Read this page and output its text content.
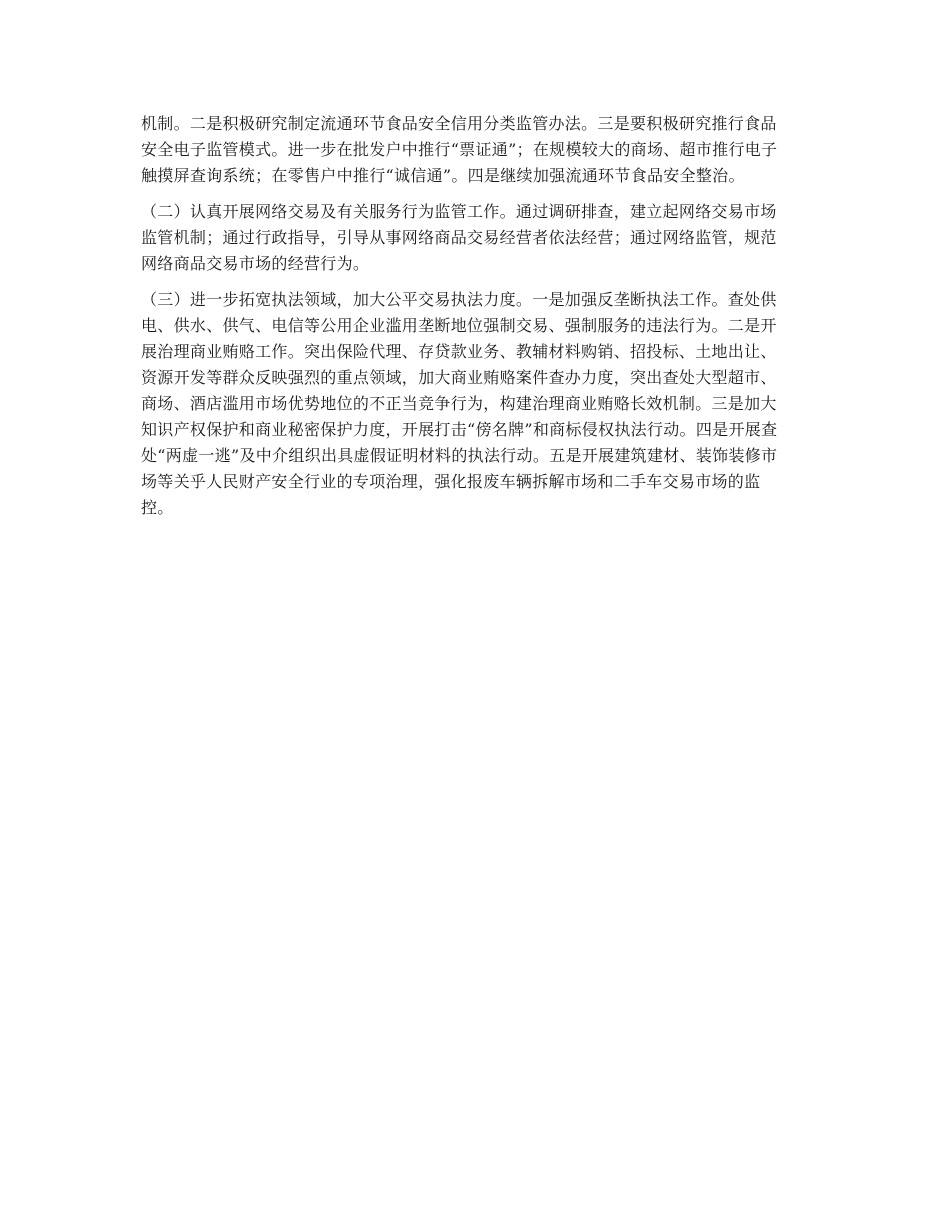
机制。二是积极研究制定流通环节食品安全信用分类监管办法。三是要积极研究推行食品
安全电子监管模式。进一步在批发户中推行“票证通”；在规模较大的商场、超市推行电子
触摸屏查询系统；在零售户中推行“诚信通”。四是继续加强流通环节食品安全整治。
（二）认真开展网络交易及有关服务行为监管工作。通过调研排查，建立起网络交易市场
监管机制；通过行政指导，引导从事网络商品交易经营者依法经营；通过网络监管，规范
网络商品交易市场的经营行为。
（三）进一步拓宽执法领域，加大公平交易执法力度。一是加强反垄断执法工作。查处供
电、供水、供气、电信等公用企业滥用垄断地位强制交易、强制服务的违法行为。二是开
展治理商业贿赂工作。突出保险代理、存贷款业务、教辅材料购销、招投标、土地出让、
资源开发等群众反映强烈的重点领域，加大商业贿赂案件查办力度，突出查处大型超市、
商场、酒店滥用市场优势地位的不正当竞争行为，构建治理商业贿赂长效机制。三是加大
知识产权保护和商业秘密保护力度，开展打击“傍名牌”和商标侵权执法行动。四是开展查
处“两虚一逃”及中介组织出具虚假证明材料的执法行动。五是开展建筑建材、装饰装修市
场等关乎人民财产安全行业的专项治理，强化报废车辆拆解市场和二手车交易市场的监
控。
